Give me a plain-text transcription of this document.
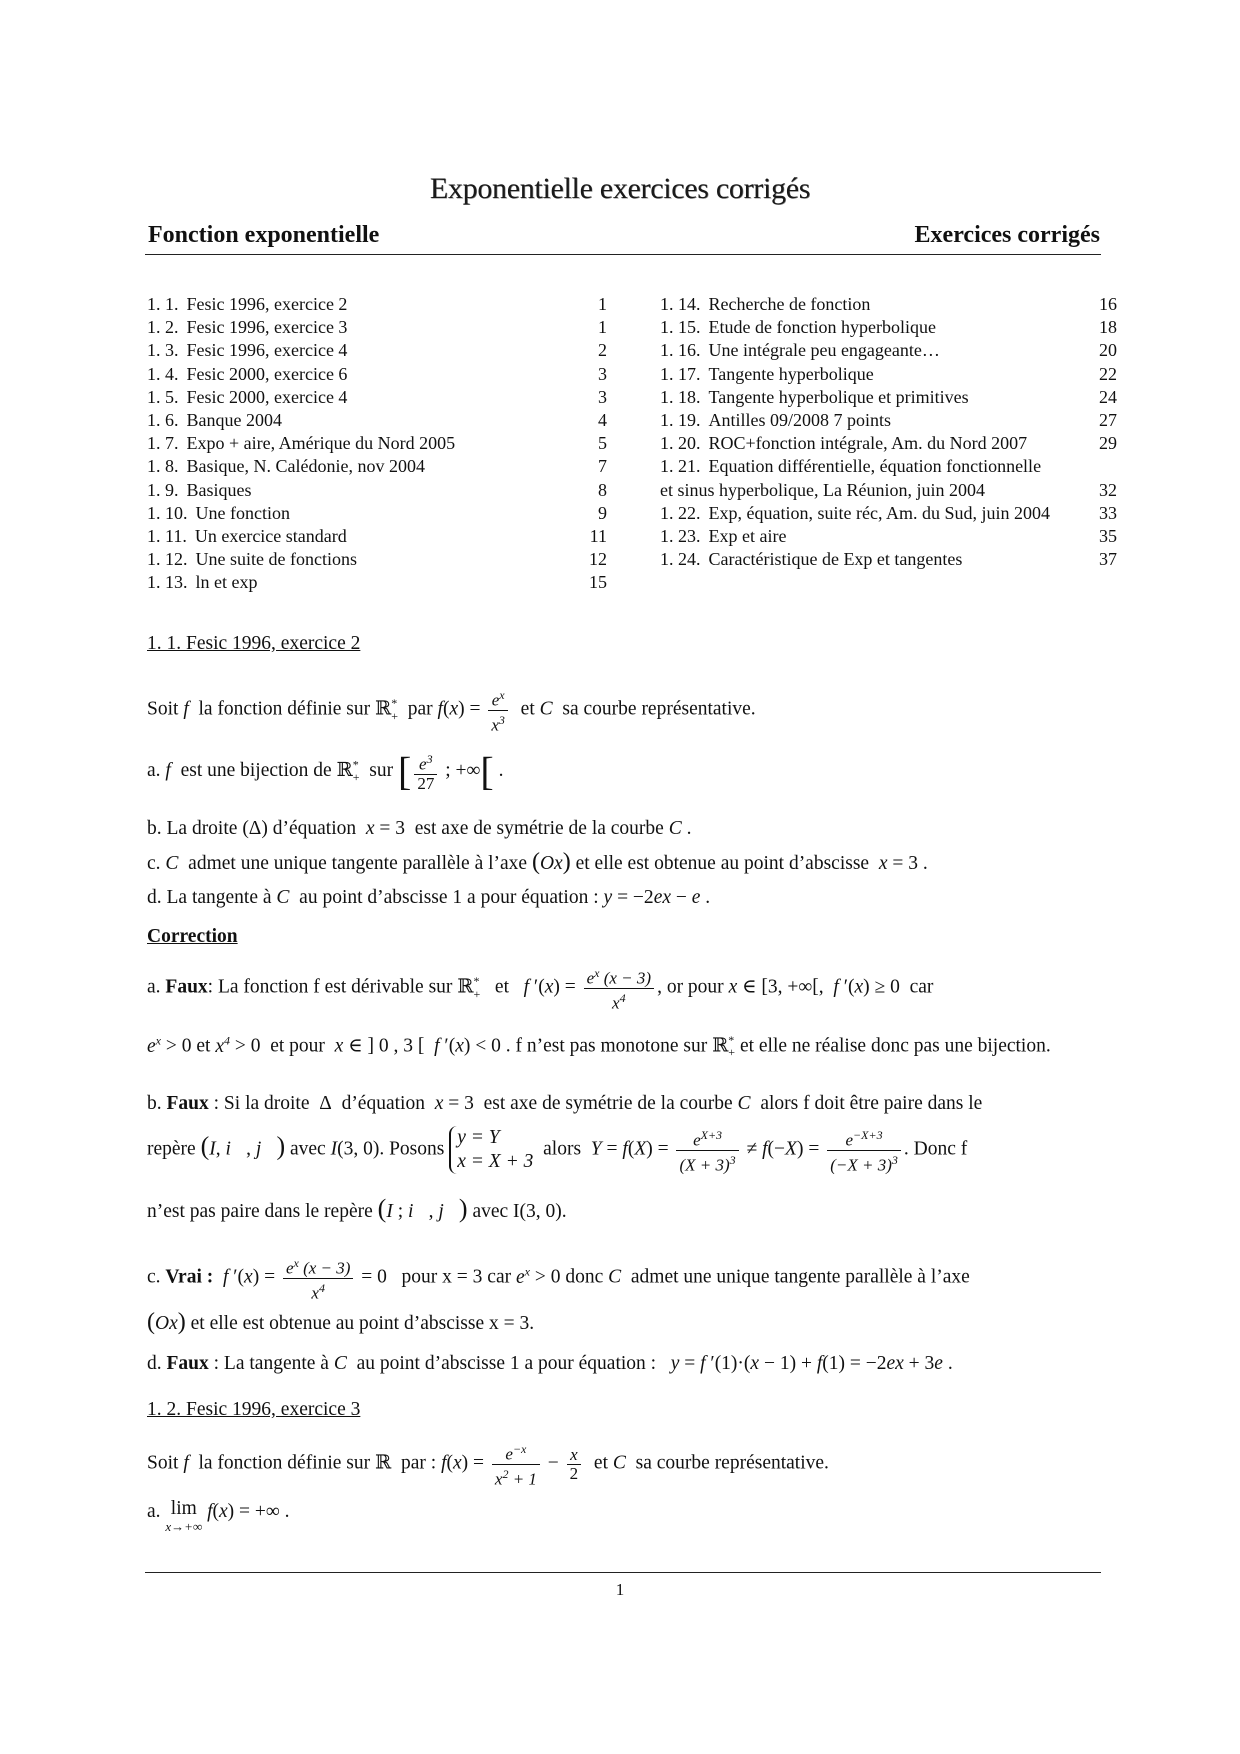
Exponentielle exercices corrigés
Fonction exponentielle	Exercices corrigés
1. 1. Fesic 1996, exercice 2	1
1. 2. Fesic 1996, exercice 3	1
1. 3. Fesic 1996, exercice 4	2
1. 4. Fesic 2000, exercice 6	3
1. 5. Fesic 2000, exercice 4	3
1. 6. Banque 2004	4
1. 7. Expo + aire, Amérique du Nord 2005	5
1. 8. Basique, N. Calédonie, nov 2004	7
1. 9. Basiques	8
1. 10. Une fonction	9
1. 11. Un exercice standard	11
1. 12. Une suite de fonctions	12
1. 13. ln et exp	15
1. 14. Recherche de fonction	16
1. 15. Etude de fonction hyperbolique	18
1. 16. Une intégrale peu engageante…	20
1. 17. Tangente hyperbolique	22
1. 18. Tangente hyperbolique et primitives	24
1. 19. Antilles 09/2008 7 points	27
1. 20. ROC+fonction intégrale, Am. du Nord 2007	29
1. 21. Equation différentielle, équation fonctionnelle
et sinus hyperbolique, La Réunion, juin 2004	32
1. 22. Exp, équation, suite réc, Am. du Sud, juin 2004	33
1. 23. Exp et aire	35
1. 24. Caractéristique de Exp et tangentes	37
1. 1. Fesic 1996, exercice 2
Soit f la fonction définie sur ℝ*$_+$ par $f(x) = \frac{e^x}{x^3}$ et C sa courbe représentative.
a. f est une bijection de ℝ*$_+$ sur [ $\frac{e^3}{27}$ ; +∞[ .
b. La droite (Δ) d’équation x = 3  est axe de symétrie de la courbe C .
c. C admet une unique tangente parallèle à l’axe (Ox) et elle est obtenue au point d’abscisse x = 3 .
d. La tangente à C au point d’abscisse 1 a pour équation : y = −2ex − e .
Correction
a. Faux: La fonction f est dérivable sur ℝ*$_+$ et f $'(x) = \frac{e^x (x - 3)}{x^4}$ , or pour x ∈ [3, +∞[,  f ′(x) ≥ 0  car
$e^x > 0$ et $x^4 > 0$  et pour x ∈ ] 0 , 3 [  f ′(x) < 0 . f n’est pas monotone sur ℝ*$_+$ et elle ne réalise donc pas une bijection.
b. Faux : Si la droite  Δ  d’équation x = 3  est axe de symétrie de la courbe C alors f doit être paire dans le
repère (I, i⃗, j⃗) avec I(3, 0). Posons
y = Y
x = X + 3
alors $Y = f(X) = \frac{e^{X+3}}{(X + 3)^3} \ne f(-X) = \frac{e^{-X+3}}{(-X + 3)^3}$ . Donc f
n’est pas paire dans le repère (I ; i⃗, j⃗) avec I(3, 0).
c. Vrai : f $'(x) = \frac{e^x (x - 3)}{x^4} = 0$   pour x = 3 car $e^x > 0$ donc C admet une unique tangente parallèle à l’axe
(Ox) et elle est obtenue au point d’abscisse x = 3.
d. Faux : La tangente à C au point d’abscisse 1 a pour équation : y = f ′(1)·(x − 1) + f(1) = −2ex + 3e .
1. 2. Fesic 1996, exercice 3
Soit f la fonction définie sur ℝ  par : $f(x) = \frac{e^{-x}}{x^2 + 1} - \frac{x}{2}$ et C sa courbe représentative.
a. lim
x→+∞
f(x) = +∞ .
1
